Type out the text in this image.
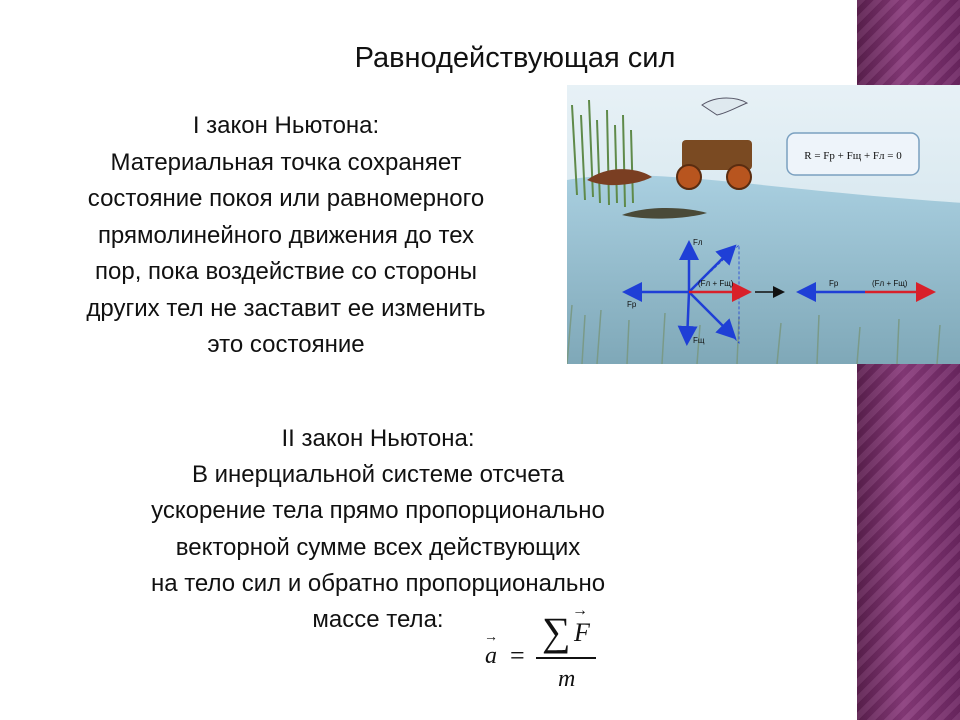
Равнодействующая сил
I закон Ньютона:
Материальная точка сохраняет
состояние покоя или равномерного
прямолинейного движения до тех
пор, пока воздействие со стороны
других тел не заставит ее изменить
это состояние
R = Fр + Fщ + Fл = 0
Fл
Fщ
Fр
(Fл + Fщ)	Fр	(Fл + Fщ)
II закон Ньютона:
В инерциальной системе отсчета
ускорение тела прямо пропорционально
векторной сумме всех действующих
на тело сил и обратно пропорционально
массе тела:
→
a =
∑ →
F
m
